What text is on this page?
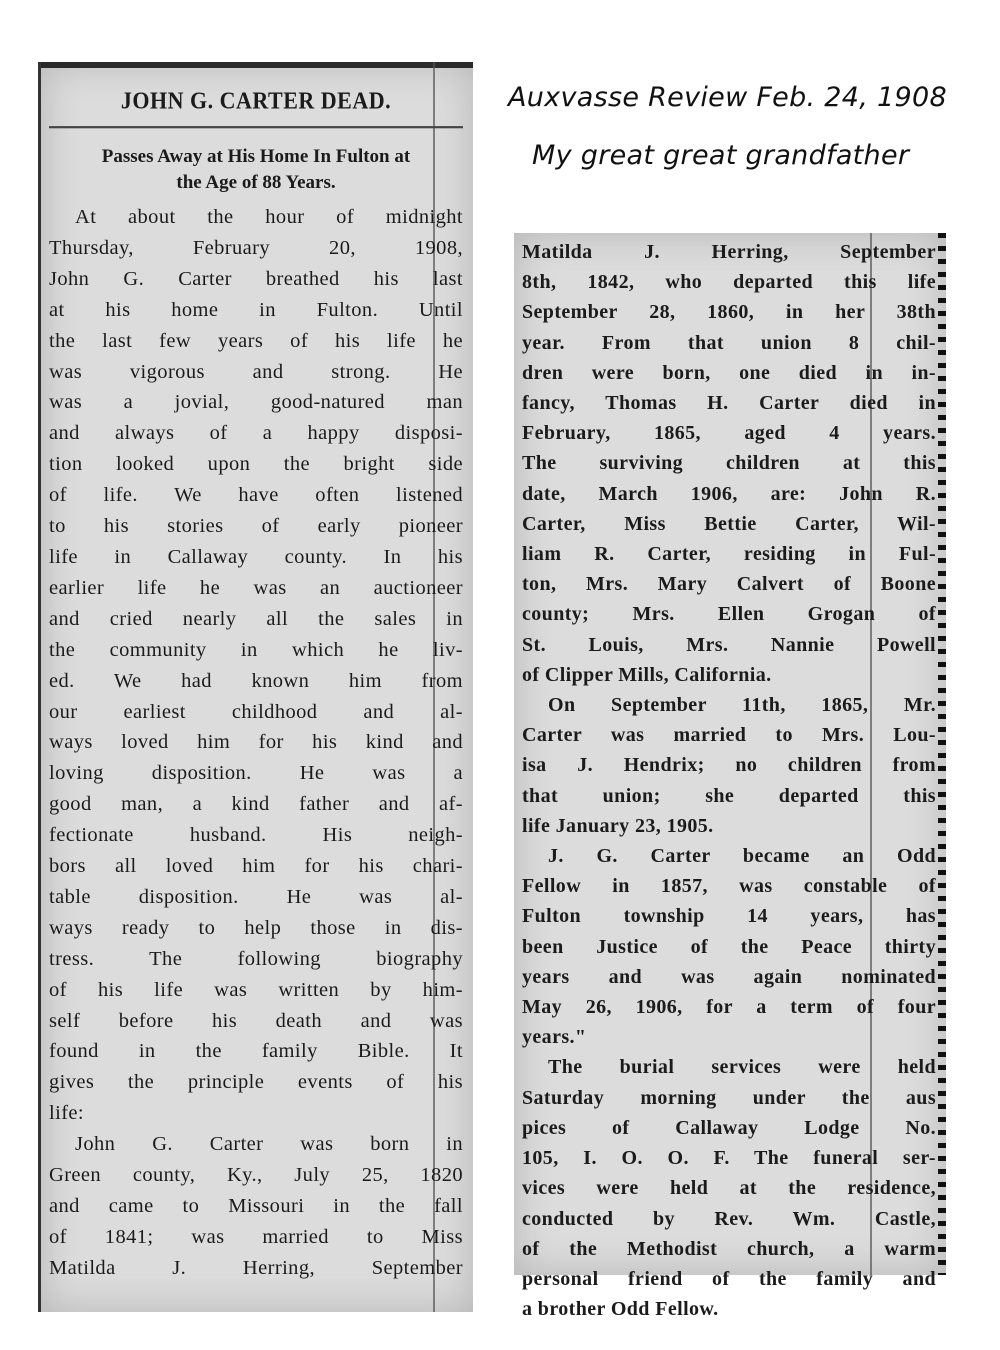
Auxvasse Review Feb. 24, 1908
My great great grandfather
JOHN G. CARTER DEAD.
Passes Away at His Home In Fulton at
the Age of 88 Years.
At about the hour of midnight
Thursday, February 20, 1908,
John G. Carter breathed his last
at his home in Fulton. Until
the last few years of his life he
was vigorous and strong. He
was a jovial, good-natured man
and always of a happy disposi-
tion looked upon the bright side
of life. We have often listened
to his stories of early pioneer
life in Callaway county. In his
earlier life he was an auctioneer
and cried nearly all the sales in
the community in which he liv-
ed. We had known him from
our earliest childhood and al-
ways loved him for his kind and
loving disposition. He was a
good man, a kind father and af-
fectionate husband. His neigh-
bors all loved him for his chari-
table disposition. He was al-
ways ready to help those in dis-
tress. The following biography
of his life was written by him-
self before his death and was
found in the family Bible. It
gives the principle events of his
life:
John G. Carter was born in
Green county, Ky., July 25, 1820
and came to Missouri in the fall
of 1841; was married to Miss
Matilda J. Herring, September
Matilda J. Herring, September
8th, 1842, who departed this life
September 28, 1860, in her 38th
year. From that union 8 chil-
dren were born, one died in in-
fancy, Thomas H. Carter died in
February, 1865, aged 4 years.
The surviving children at this
date, March 1906, are: John R.
Carter, Miss Bettie Carter, Wil-
liam R. Carter, residing in Ful-
ton, Mrs. Mary Calvert of Boone
county; Mrs. Ellen Grogan of
St. Louis, Mrs. Nannie Powell
of Clipper Mills, California.
On September 11th, 1865, Mr.
Carter was married to Mrs. Lou-
isa J. Hendrix; no children from
that union; she departed this
life January 23, 1905.
J. G. Carter became an Odd
Fellow in 1857, was constable of
Fulton township 14 years, has
been Justice of the Peace thirty
years and was again nominated
May 26, 1906, for a term of four
years."
The burial services were held
Saturday morning under the aus
pices of Callaway Lodge No.
105, I. O. O. F. The funeral ser-
vices were held at the residence,
conducted by Rev. Wm. Castle,
of the Methodist church, a warm
personal friend of the family and
a brother Odd Fellow.
